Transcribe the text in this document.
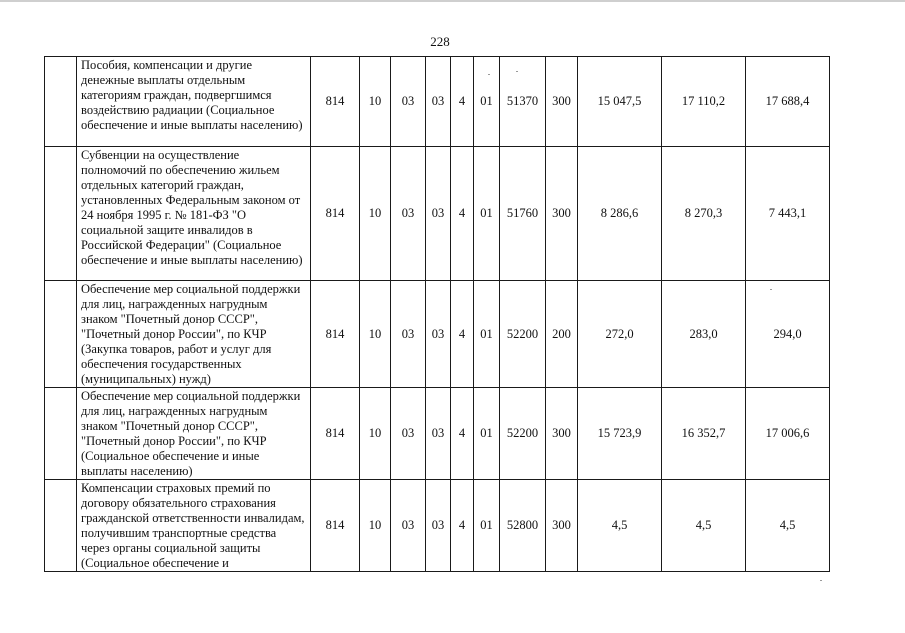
228
	Пособия, компенсации и другие денежные выплаты отдельным категориям граждан, подвергшимся воздействию радиации (Социальное обеспечение и иные выплаты населению)	814	10	03	03	4	01	51370	300	15 047,5	17 110,2	17 688,4
	Субвенции на осуществление полномочий по обеспечению жильем отдельных категорий граждан, установленных Федеральным законом от 24 ноября 1995 г. № 181-ФЗ "О социальной защите инвалидов в Российской Федерации" (Социальное обеспечение и иные выплаты населению)	814	10	03	03	4	01	51760	300	8 286,6	8 270,3	7 443,1
	Обеспечение мер социальной поддержки для лиц, награжденных нагрудным знаком "Почетный донор СССР", "Почетный донор России", по КЧР (Закупка товаров, работ и услуг для обеспечения государственных (муниципальных) нужд)	814	10	03	03	4	01	52200	200	272,0	283,0	294,0
	Обеспечение мер социальной поддержки для лиц, награжденных нагрудным знаком "Почетный донор СССР", "Почетный донор России", по КЧР (Социальное обеспечение и иные выплаты населению)	814	10	03	03	4	01	52200	300	15 723,9	16 352,7	17 006,6
	Компенсации страховых премий по договору обязательного страхования гражданской ответственности инвалидам, получившим транспортные средства через органы социальной защиты (Социальное обеспечение и	814	10	03	03	4	01	52800	300	4,5	4,5	4,5
